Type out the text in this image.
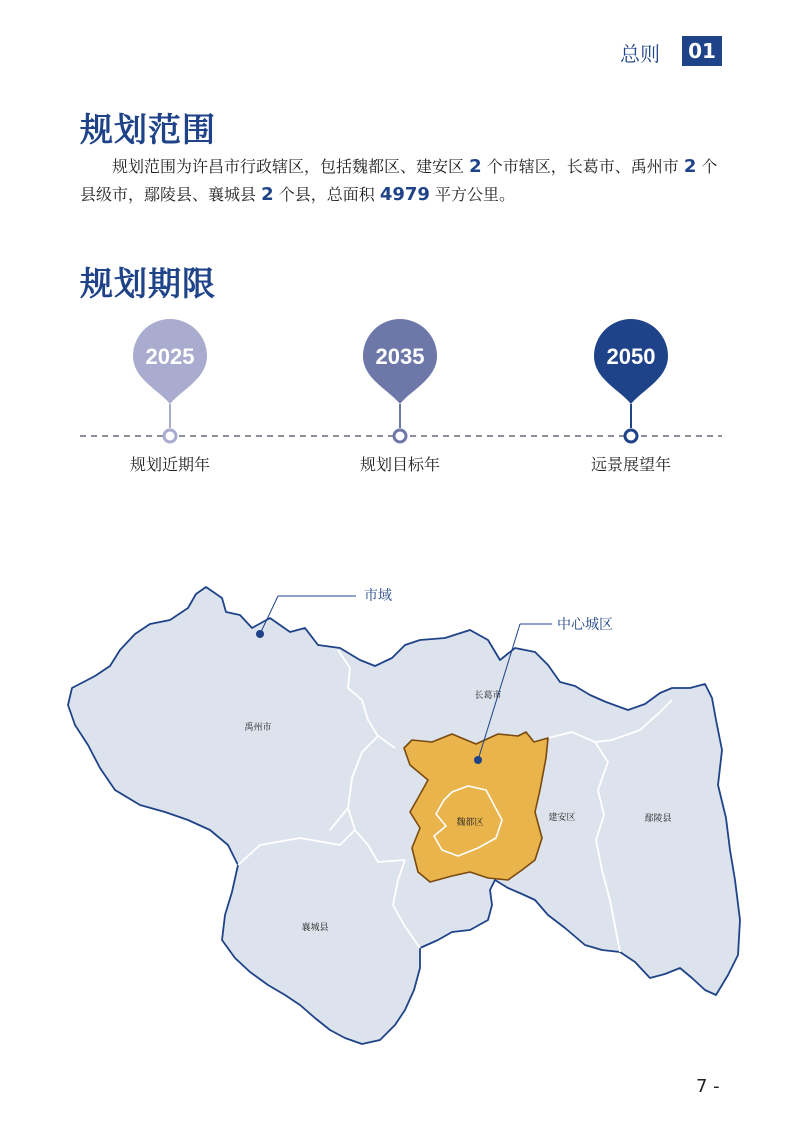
总则	01
规划范围

规划范围为许昌市行政辖区，包括魏都区、建安区 2 个市辖区，长葛市、禹州市 2 个县级市，鄢陵县、襄城县 2 个县，总面积 4979 平方公里。

规划期限
2025	2035	2050
规划近期年	规划目标年	远景展望年
市域
中心城区
禹州市
长葛市
魏都区	建安区	鄢陵县
襄城县
7 -
